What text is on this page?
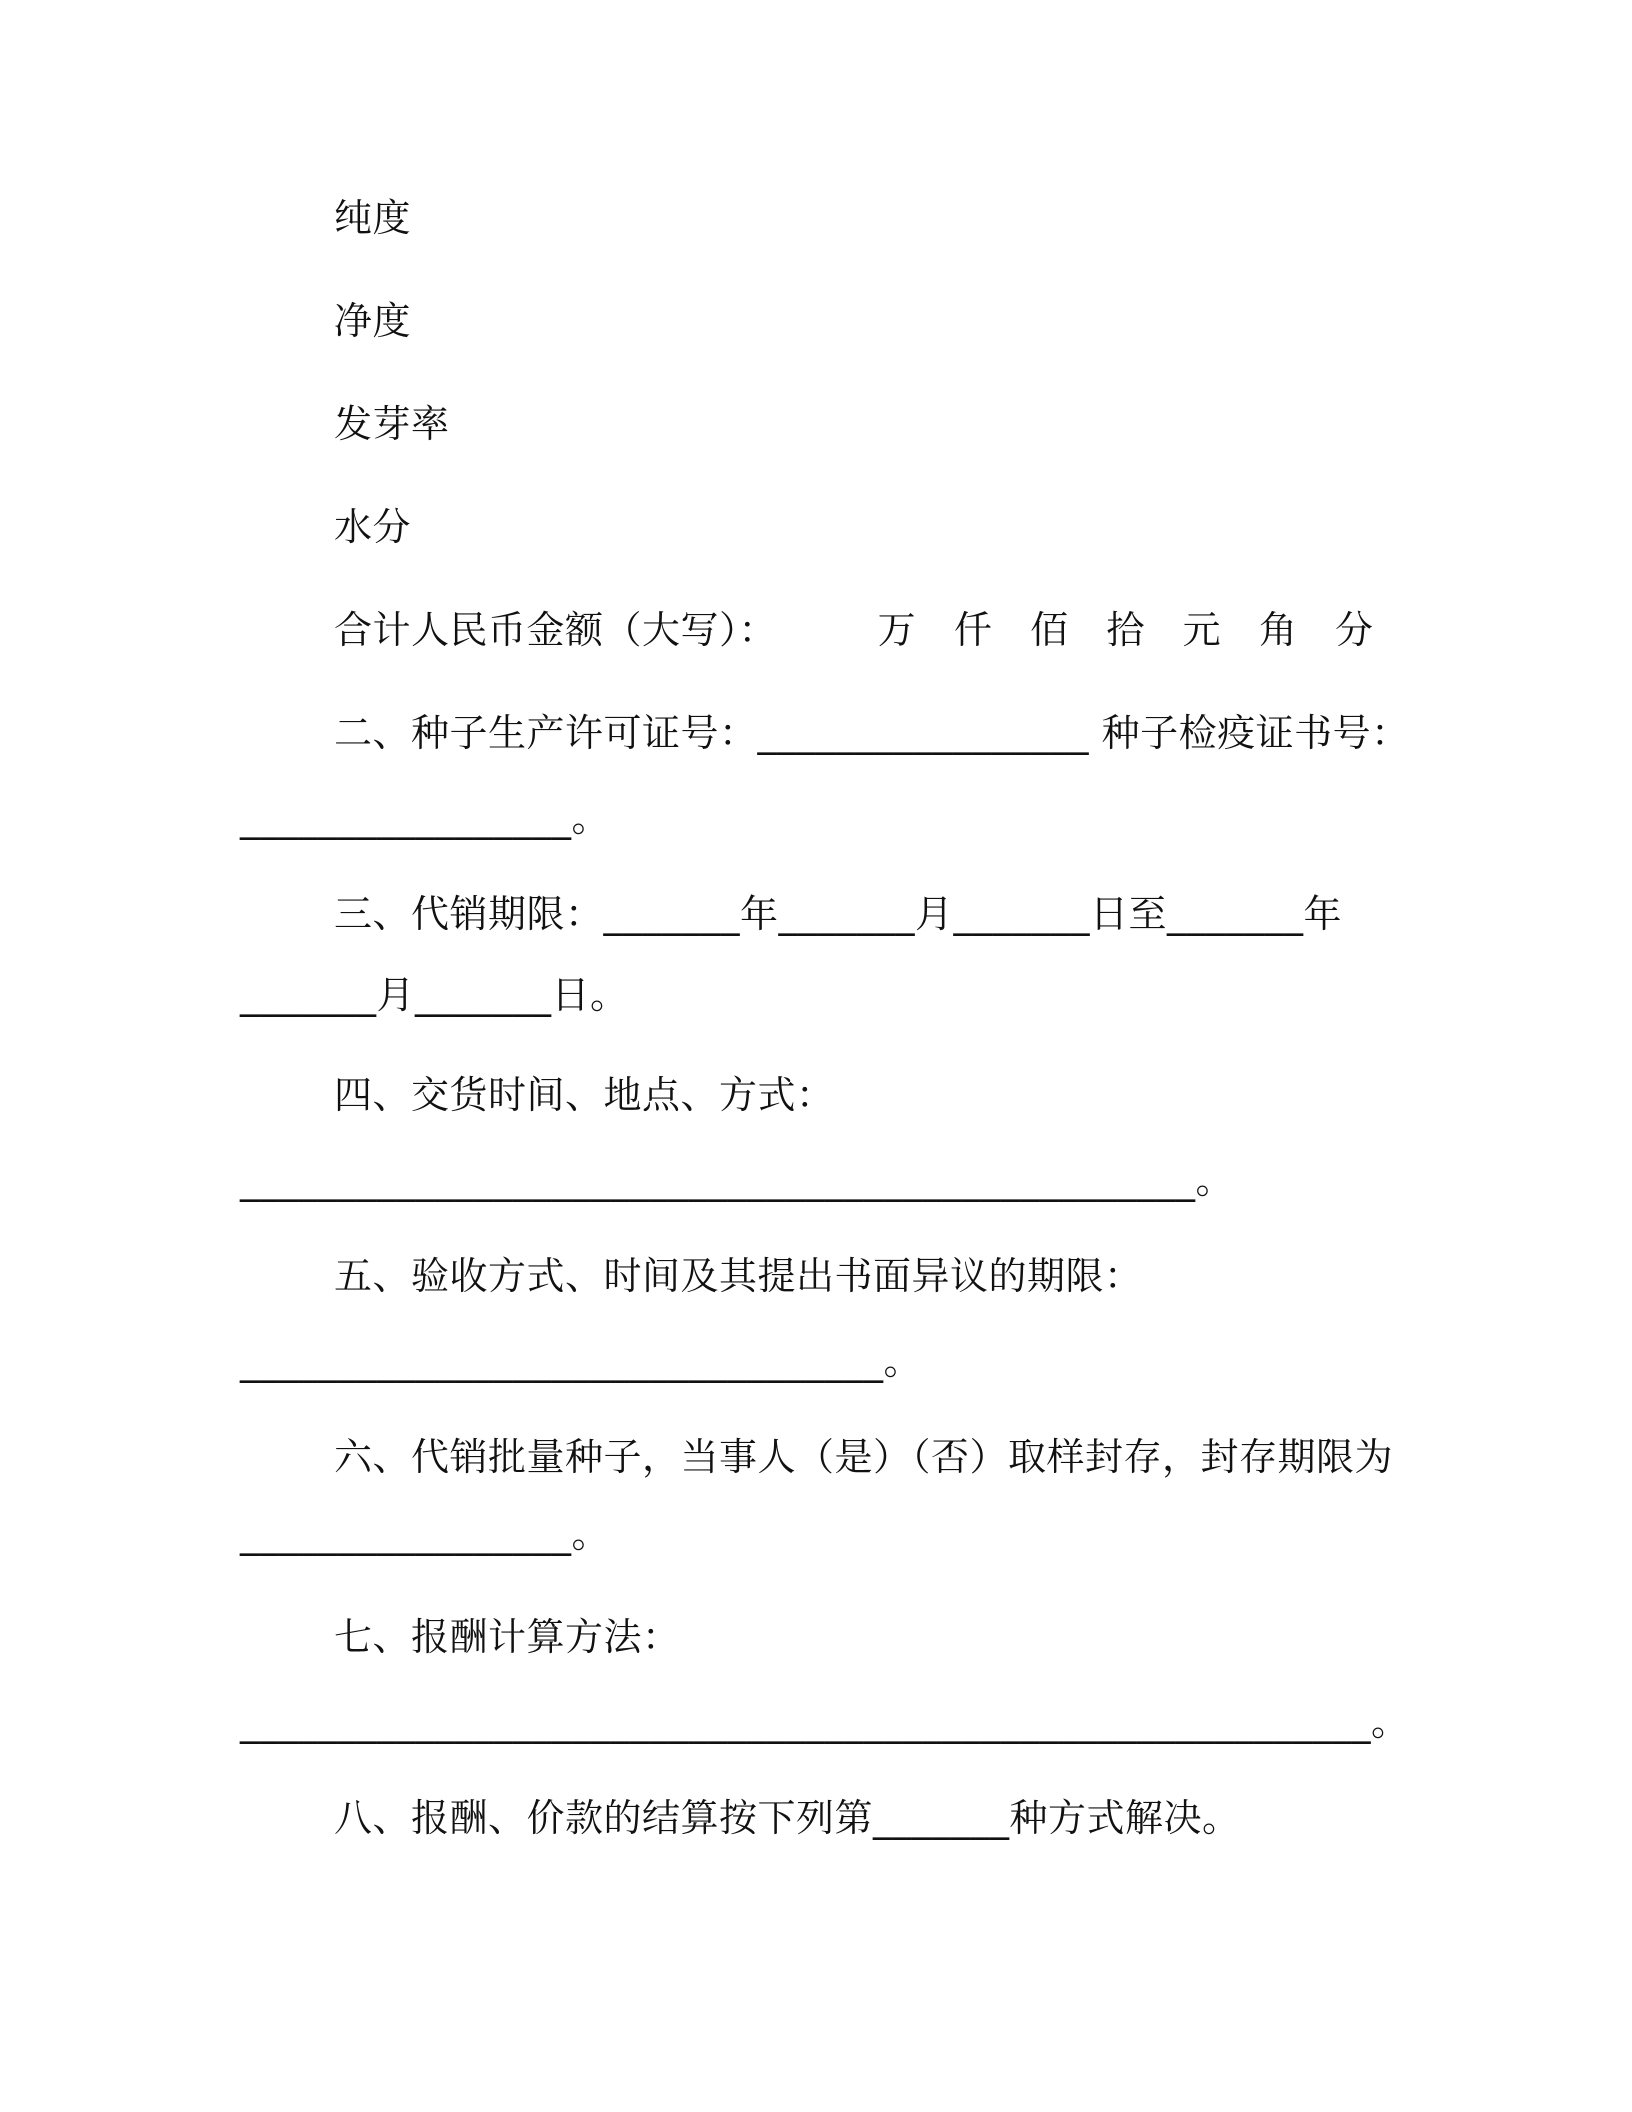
纯度
净度
发芽率
水分
合计人民币金额（大写）：        万   仟   佰   拾   元   角   分
二、种子生产许可证号：_________________ 种子检疫证书号：
_________________。
三、代销期限：_______年_______月_______日至_______年
_______月_______日。
四、交货时间、地点、方式：
_________________________________________________。
五、验收方式、时间及其提出书面异议的期限：
_________________________________。
六、代销批量种子，当事人（是）（否）取样封存，封存期限为
_________________。
七、报酬计算方法：
__________________________________________________________。
八、报酬、价款的结算按下列第_______种方式解决。
